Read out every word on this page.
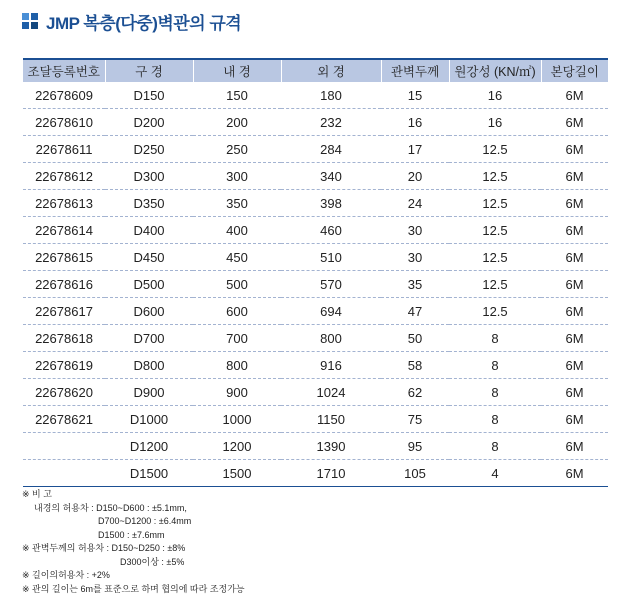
JMP 복층(다중)벽관의 규격
조달등록번호	구 경	내 경	외 경	관벽두께	원강성 (KN/㎡)	본당길이
22678609	D150	150	180	15	16	6M
22678610	D200	200	232	16	16	6M
22678611	D250	250	284	17	12.5	6M
22678612	D300	300	340	20	12.5	6M
22678613	D350	350	398	24	12.5	6M
22678614	D400	400	460	30	12.5	6M
22678615	D450	450	510	30	12.5	6M
22678616	D500	500	570	35	12.5	6M
22678617	D600	600	694	47	12.5	6M
22678618	D700	700	800	50	8	6M
22678619	D800	800	916	58	8	6M
22678620	D900	900	1024	62	8	6M
22678621	D1000	1000	1150	75	8	6M
	D1200	1200	1390	95	8	6M
	D1500	1500	1710	105	4	6M
※ 비 고
내경의 허용차 : D150~D600 : ±5.1mm,
D700~D1200 : ±6.4mm
D1500 : ±7.6mm
※ 관벽두께의 허용차 : D150~D250 : ±8%
D300이상 : ±5%
※ 길이의허용차 : +2%
※ 관의 길이는 6m를 표준으로 하며 협의에 따라 조정가능
